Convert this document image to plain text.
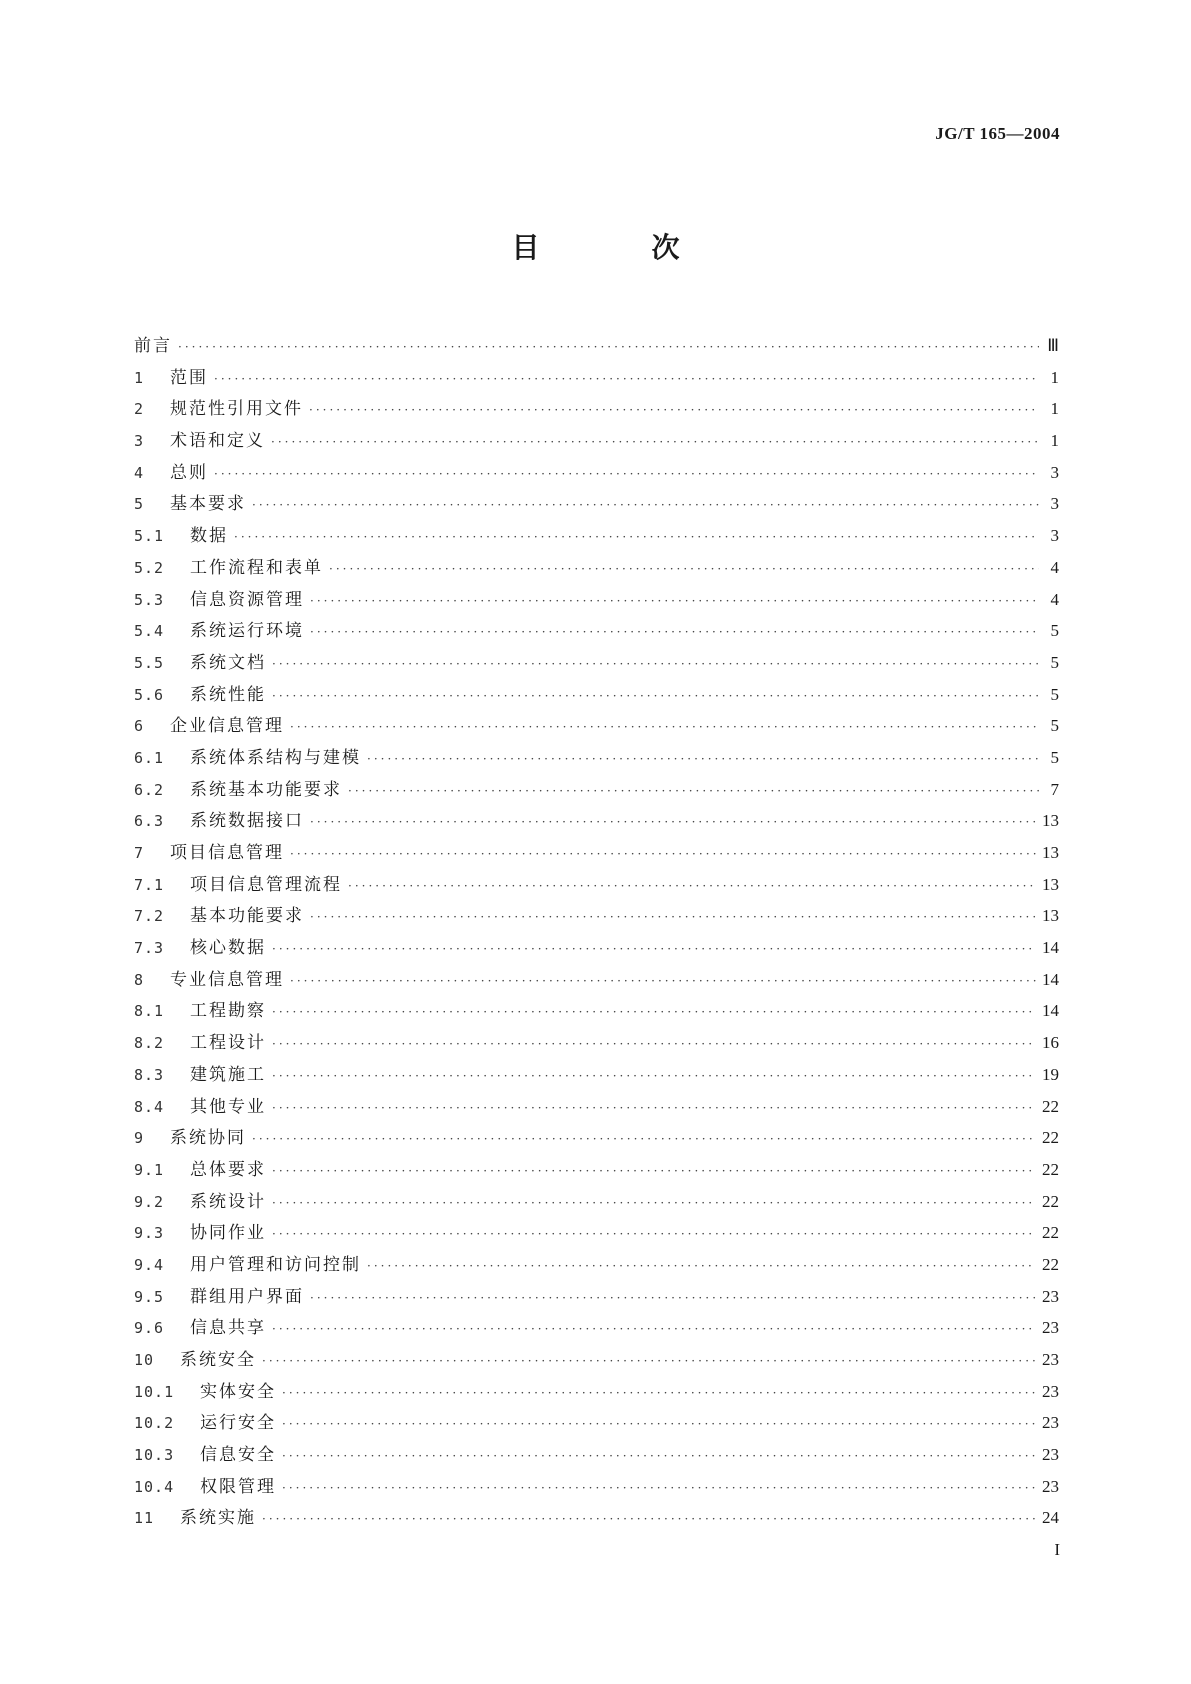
JG/T 165—2004
目　次
前言 ·····	Ⅲ
1	范围 ·····	1
2	规范性引用文件 ·····	1
3	术语和定义 ·····	1
4	总则 ·····	3
5	基本要求 ·····	3
5.1	数据 ·····	3
5.2	工作流程和表单 ·····	4
5.3	信息资源管理 ·····	4
5.4	系统运行环境 ·····	5
5.5	系统文档 ·····	5
5.6	系统性能 ·····	5
6	企业信息管理 ·····	5
6.1	系统体系结构与建模 ·····	5
6.2	系统基本功能要求 ·····	7
6.3	系统数据接口 ·····	13
7	项目信息管理 ·····	13
7.1	项目信息管理流程 ·····	13
7.2	基本功能要求 ·····	13
7.3	核心数据 ·····	14
8	专业信息管理 ·····	14
8.1	工程勘察 ·····	14
8.2	工程设计 ·····	16
8.3	建筑施工 ·····	19
8.4	其他专业 ·····	22
9	系统协同 ·····	22
9.1	总体要求 ·····	22
9.2	系统设计 ·····	22
9.3	协同作业 ·····	22
9.4	用户管理和访问控制 ·····	22
9.5	群组用户界面 ·····	23
9.6	信息共享 ·····	23
10	系统安全 ·····	23
10.1	实体安全 ·····	23
10.2	运行安全 ·····	23
10.3	信息安全 ·····	23
10.4	权限管理 ·····	23
11	系统实施 ·····	24
I
